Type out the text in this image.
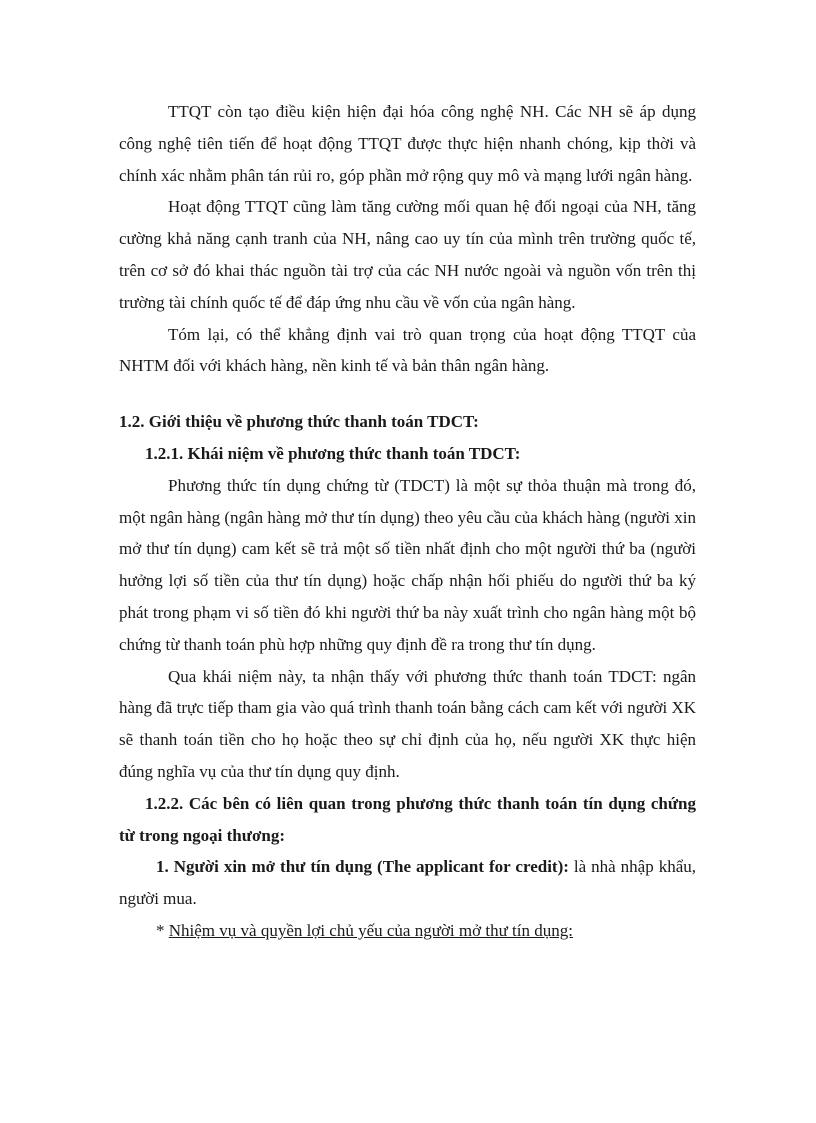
TTQT còn tạo điều kiện hiện đại hóa công nghệ NH. Các NH sẽ áp dụng công nghệ tiên tiến để hoạt động TTQT được thực hiện nhanh chóng, kịp thời và chính xác nhằm phân tán rủi ro, góp phần mở rộng quy mô và mạng lưới ngân hàng.

Hoạt động TTQT cũng làm tăng cường mối quan hệ đối ngoại của NH, tăng cường khả năng cạnh tranh của NH, nâng cao uy tín của mình trên trường quốc tế, trên cơ sở đó khai thác nguồn tài trợ của các NH nước ngoài và nguồn vốn trên thị trường tài chính quốc tế để đáp ứng nhu cầu về vốn của ngân hàng.

Tóm lại, có thể khẳng định vai trò quan trọng của hoạt động TTQT của NHTM đối với khách hàng, nền kinh tế và bản thân ngân hàng.

1.2. Giới thiệu về phương thức thanh toán TDCT:

1.2.1. Khái niệm về phương thức thanh toán TDCT:

Phương thức tín dụng chứng từ (TDCT) là một sự thỏa thuận mà trong đó, một ngân hàng (ngân hàng mở thư tín dụng) theo yêu cầu của khách hàng (người xin mở thư tín dụng) cam kết sẽ trả một số tiền nhất định cho một người thứ ba (người hưởng lợi số tiền của thư tín dụng) hoặc chấp nhận hối phiếu do người thứ ba ký phát trong phạm vi số tiền đó khi người thứ ba này xuất trình cho ngân hàng một bộ chứng từ thanh toán phù hợp những quy định đề ra trong thư tín dụng.

Qua khái niệm này, ta nhận thấy với phương thức thanh toán TDCT: ngân hàng đã trực tiếp tham gia vào quá trình thanh toán bằng cách cam kết với người XK sẽ thanh toán tiền cho họ hoặc theo sự chỉ định của họ, nếu người XK thực hiện đúng nghĩa vụ của thư tín dụng quy định.

1.2.2. Các bên có liên quan trong phương thức thanh toán tín dụng chứng từ trong ngoại thương:

1. Người xin mở thư tín dụng (The applicant for credit): là nhà nhập khẩu, người mua.

* Nhiệm vụ và quyền lợi chủ yếu của người mở thư tín dụng:
